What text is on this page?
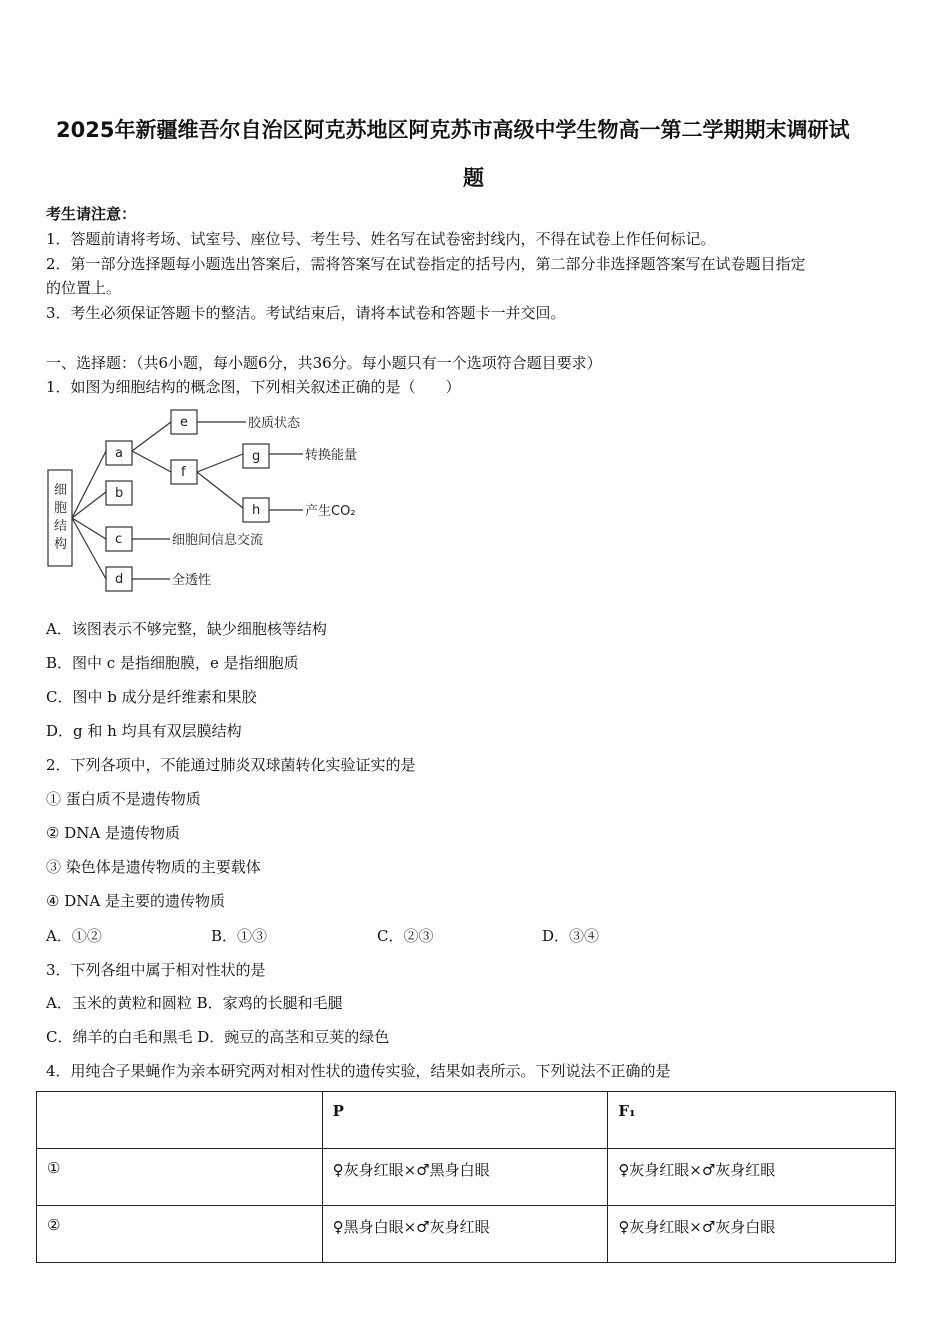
2025年新疆维吾尔自治区阿克苏地区阿克苏市高级中学生物高一第二学期期末调研试
题
考生请注意：
1．答题前请将考场、试室号、座位号、考生号、姓名写在试卷密封线内，不得在试卷上作任何标记。
2．第一部分选择题每小题选出答案后，需将答案写在试卷指定的括号内，第二部分非选择题答案写在试卷题目指定
的位置上。
3．考生必须保证答题卡的整洁。考试结束后，请将本试卷和答题卡一并交回。
一、选择题：（共6小题，每小题6分，共36分。每小题只有一个选项符合题目要求）
1．如图为细胞结构的概念图，下列相关叙述正确的是（　　）
细
胞
结
构
a
b
c
d
e
f
g
h
胶质状态
转换能量
产生CO₂
细胞间信息交流
全透性
A．该图表示不够完整，缺少细胞核等结构
B．图中 c 是指细胞膜，e 是指细胞质
C．图中 b 成分是纤维素和果胶
D．g 和 h 均具有双层膜结构
2．下列各项中，不能通过肺炎双球菌转化实验证实的是
① 蛋白质不是遗传物质
② DNA 是遗传物质
③ 染色体是遗传物质的主要载体
④ DNA 是主要的遗传物质
A．①②	B．①③	C．②③	D．③④
3．下列各组中属于相对性状的是
A．玉米的黄粒和圆粒 B．家鸡的长腿和毛腿
C．绵羊的白毛和黑毛 D．豌豆的高茎和豆荚的绿色
4．用纯合子果蝇作为亲本研究两对相对性状的遗传实验，结果如表所示。下列说法不正确的是
	P	F₁
①	♀灰身红眼×♂黑身白眼	♀灰身红眼×♂灰身红眼
②	♀黑身白眼×♂灰身红眼	♀灰身红眼×♂灰身白眼
